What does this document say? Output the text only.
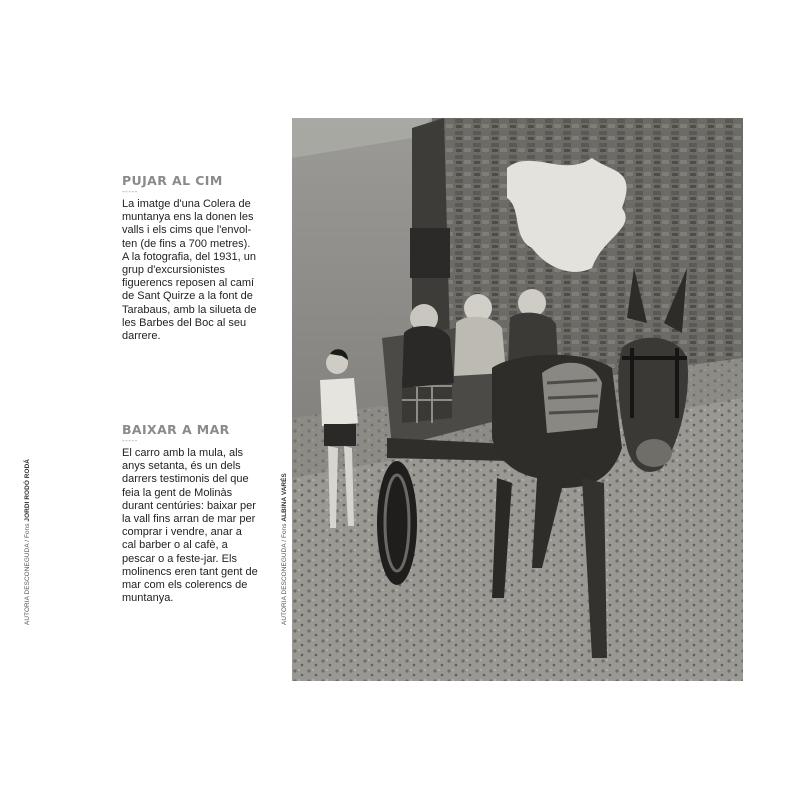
PUJAR AL CIM
-----

La imatge d'una Colera de muntanya ens la donen les valls i els cims que l'envol-ten (de fins a 700 metres). A la fotografia, del 1931, un grup d'excursionistes figuerencs reposen al camí de Sant Quirze a la font de Tarabaus, amb la silueta de les Barbes del Boc al seu darrere.

BAIXAR A MAR
-----

El carro amb la mula, als anys setanta, és un dels darrers testimonis del que feia la gent de Molinàs durant centúries: baixar per la vall fins arran de mar per comprar i vendre, anar a cal barber o al cafè, a pescar o a feste-jar. Els molinencs eren tant gent de mar com els colerencs de muntanya.

AUTORIA DESCONEGUDA / Fons JORDI RODÓ RODÁ
AUTORIA DESCONEGUDA / Fons ALBINA VARÉS
